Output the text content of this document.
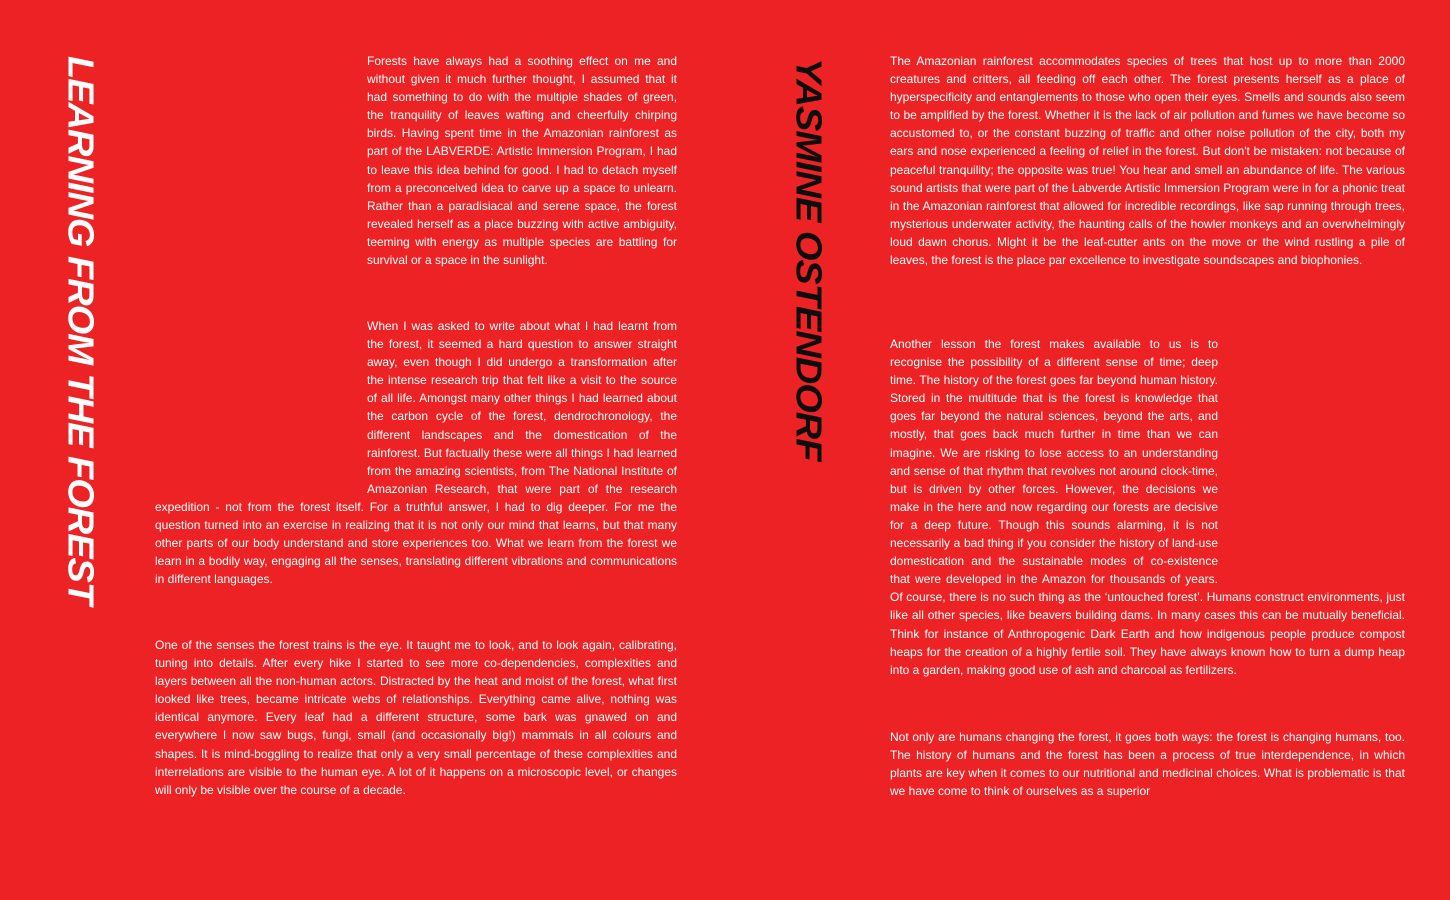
LEARNING FROM THE FOREST	Forests have always had a soothing effect on me and without given it much further thought, I assumed that it had something to do with the multiple shades of green, the tranquility of leaves wafting and cheerfully chirping birds. Having spent time in the Amazonian rainforest as part of the LABVERDE: Artistic Immersion Program, I had to leave this idea behind for good. I had to detach myself from a preconceived idea to carve up a space to unlearn. Rather than a paradisiacal and serene space, the forest revealed herself as a place buzzing with active ambiguity, teeming with energy as multiple species are battling for survival or a space in the sunlight.

When I was asked to write about what I had learnt from the forest, it seemed a hard question to answer straight away, even though I did undergo a transformation after the intense research trip that felt like a visit to the source of all life. Amongst many other things I had learned about the carbon cycle of the forest, dendrochronology, the different landscapes and the domestication of the rainforest. But factually these were all things I had learned from the amazing scientists, from The National Institute of Amazonian Research, that were part of the research expedition - not from the forest itself. For a truthful answer, I had to dig deeper. For me the question turned into an exercise in realizing that it is not only our mind that learns, but that many other parts of our body understand and store experiences too. What we learn from the forest we learn in a bodily way, engaging all the senses, translating different vibrations and communications in different languages.

One of the senses the forest trains is the eye. It taught me to look, and to look again, calibrating, tuning into details. After every hike I started to see more co-dependencies, complexities and layers between all the non-human actors. Distracted by the heat and moist of the forest, what first looked like trees, became intricate webs of relationships. Everything came alive, nothing was identical anymore. Every leaf had a different structure, some bark was gnawed on and everywhere I now saw bugs, fungi, small (and occasionally big!) mammals in all colours and shapes. It is mind-boggling to realize that only a very small percentage of these complexities and interrelations are visible to the human eye. A lot of it happens on a microscopic level, or changes will only be visible over the course of a decade.

YASMINE OSTENDORF	The Amazonian rainforest accommodates species of trees that host up to more than 2000 creatures and critters, all feeding off each other. The forest presents herself as a place of hyperspecificity and entanglements to those who open their eyes. Smells and sounds also seem to be amplified by the forest. Whether it is the lack of air pollution and fumes we have become so accustomed to, or the constant buzzing of traffic and other noise pollution of the city, both my ears and nose experienced a feeling of relief in the forest. But don't be mistaken: not because of peaceful tranquility; the opposite was true! You hear and smell an abundance of life. The various sound artists that were part of the Labverde Artistic Immersion Program were in for a phonic treat in the Amazonian rainforest that allowed for incredible recordings, like sap running through trees, mysterious underwater activity, the haunting calls of the howler monkeys and an overwhelmingly loud dawn chorus. Might it be the leaf-cutter ants on the move or the wind rustling a pile of leaves, the forest is the place par excellence to investigate soundscapes and biophonies.

Another lesson the forest makes available to us is to recognise the possibility of a different sense of time; deep time. The history of the forest goes far beyond human history. Stored in the multitude that is the forest is knowledge that goes far beyond the natural sciences, beyond the arts, and mostly, that goes back much further in time than we can imagine. We are risking to lose access to an understanding and sense of that rhythm that revolves not around clock-time, but is driven by other forces. However, the decisions we make in the here and now regarding our forests are decisive for a deep future. Though this sounds alarming, it is not necessarily a bad thing if you consider the history of land-use domestication and the sustainable modes of co-existence that were developed in the Amazon for thousands of years. Of course, there is no such thing as the ‘untouched forest’. Humans construct environments, just like all other species, like beavers building dams. In many cases this can be mutually beneficial. Think for instance of Anthropogenic Dark Earth and how indigenous people produce compost heaps for the creation of a highly fertile soil. They have always known how to turn a dump heap into a garden, making good use of ash and charcoal as fertilizers.

Not only are humans changing the forest, it goes both ways: the forest is changing humans, too. The history of humans and the forest has been a process of true interdependence, in which plants are key when it comes to our nutritional and medicinal choices. What is problematic is that we have come to think of ourselves as a superior
